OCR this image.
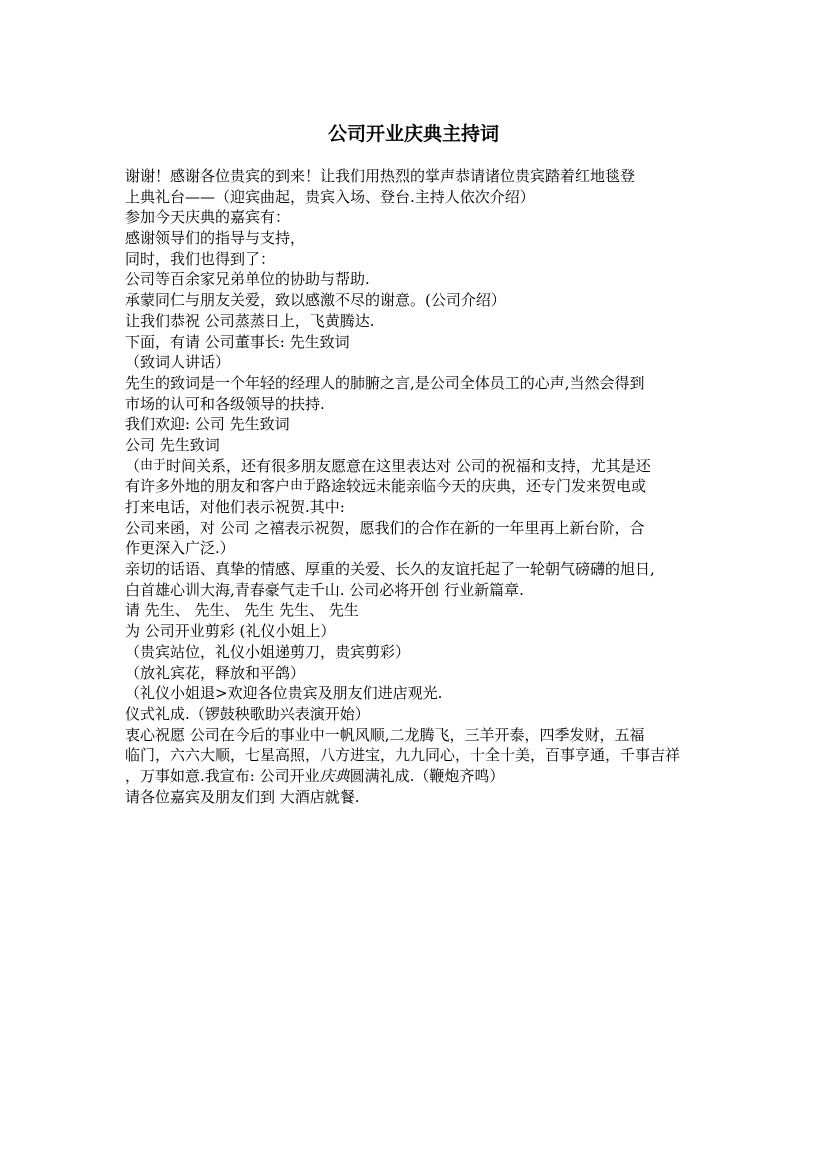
公司开业庆典主持词
谢谢！感谢各位贵宾的到来！让我们用热烈的掌声恭请诸位贵宾踏着红地毯登
上典礼台——（迎宾曲起，贵宾入场、登台.主持人依次介绍）
参加今天庆典的嘉宾有：
感谢领导们的指导与支持，
同时，我们也得到了：
公司等百余家兄弟单位的协助与帮助.
承蒙同仁与朋友关爱，致以感激不尽的谢意。(公司介绍）
让我们恭祝 公司蒸蒸日上，飞黄腾达.
下面，有请 公司董事长: 先生致词
（致词人讲话）
先生的致词是一个年轻的经理人的肺腑之言,是公司全体员工的心声,当然会得到
市场的认可和各级领导的扶持.
我们欢迎: 公司 先生致词
公司 先生致词
（由于时间关系，还有很多朋友愿意在这里表达对 公司的祝福和支持，尤其是还
有许多外地的朋友和客户由于路途较远未能亲临今天的庆典，还专门发来贺电或
打来电话，对他们表示祝贺.其中:
公司来函，对 公司 之禧表示祝贺，愿我们的合作在新的一年里再上新台阶，合
作更深入广泛.）
亲切的话语、真挚的情感、厚重的关爱、长久的友谊托起了一轮朝气磅礴的旭日,
白首雄心训大海,青春豪气走千山. 公司必将开创 行业新篇章.
请 先生、 先生、 先生 先生、 先生
为 公司开业剪彩 (礼仪小姐上）
（贵宾站位，礼仪小姐递剪刀，贵宾剪彩）
（放礼宾花，释放和平鸽）
（礼仪小姐退>欢迎各位贵宾及朋友们进店观光.
仪式礼成.（锣鼓秧歌助兴表演开始）
衷心祝愿 公司在今后的事业中一帆风顺,二龙腾飞，三羊开泰，四季发财，五福
临门，六六大顺，七星高照，八方进宝，九九同心，十全十美，百事亨通，千事吉祥
，万事如意.我宣布: 公司开业庆典圆满礼成.（鞭炮齐鸣）
请各位嘉宾及朋友们到 大酒店就餐.
